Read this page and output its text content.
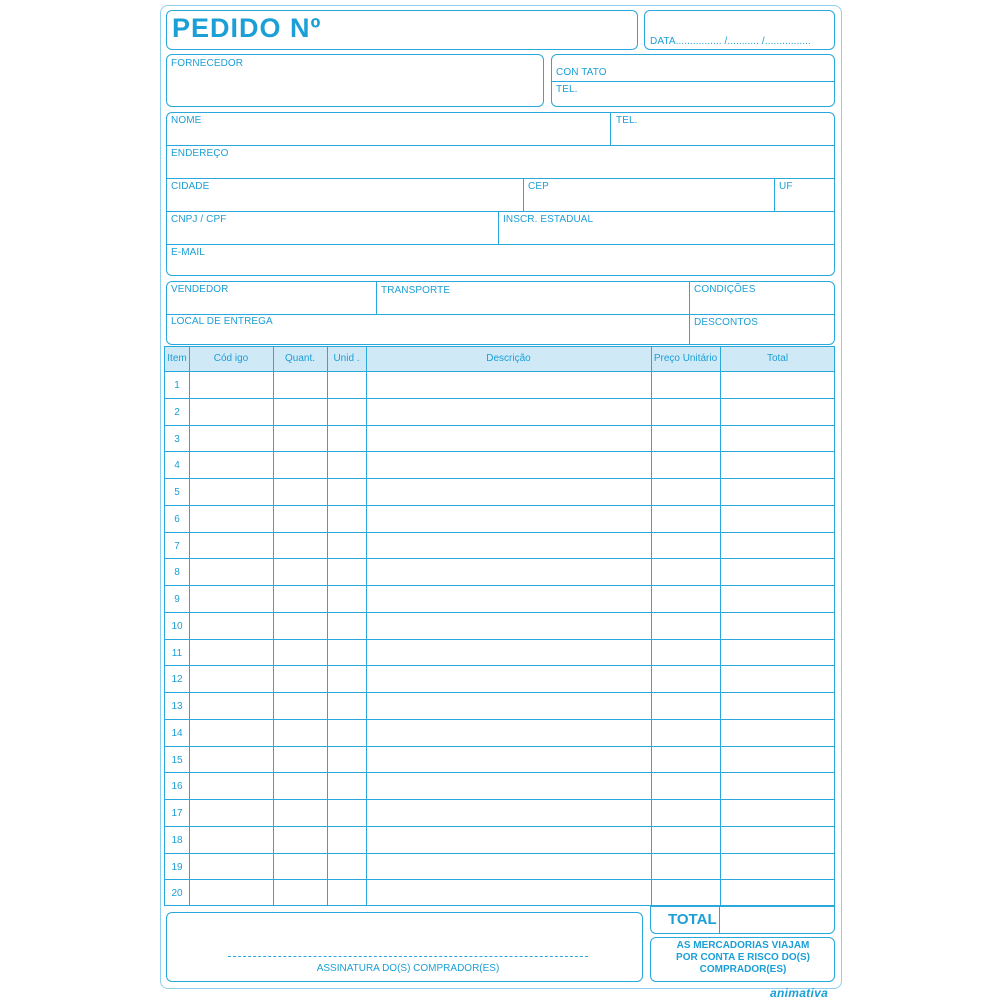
PEDIDO Nº	DATA................ /........... /................
FORNECEDOR
CON TATO
TEL.
NOME	TEL.
ENDEREÇO
CIDADE	CEP	UF
CNPJ / CPF	INSCR. ESTADUAL
E-MAIL
VENDEDOR	TRANSPORTE	CONDIÇÕES
LOCAL DE ENTREGA	DESCONTOS
Item	Cód igo	Quant.	Unid .	Descrição	Preço Unitário	Total
1
2
3
4
5
6
7
8
9
10
11
12
13
14
15
16
17
18
19
20
ASSINATURA DO(S) COMPRADOR(ES)
TOTAL
AS MERCADORIAS VIAJAM
POR CONTA E RISCO DO(S)
COMPRADOR(ES)
animativa
